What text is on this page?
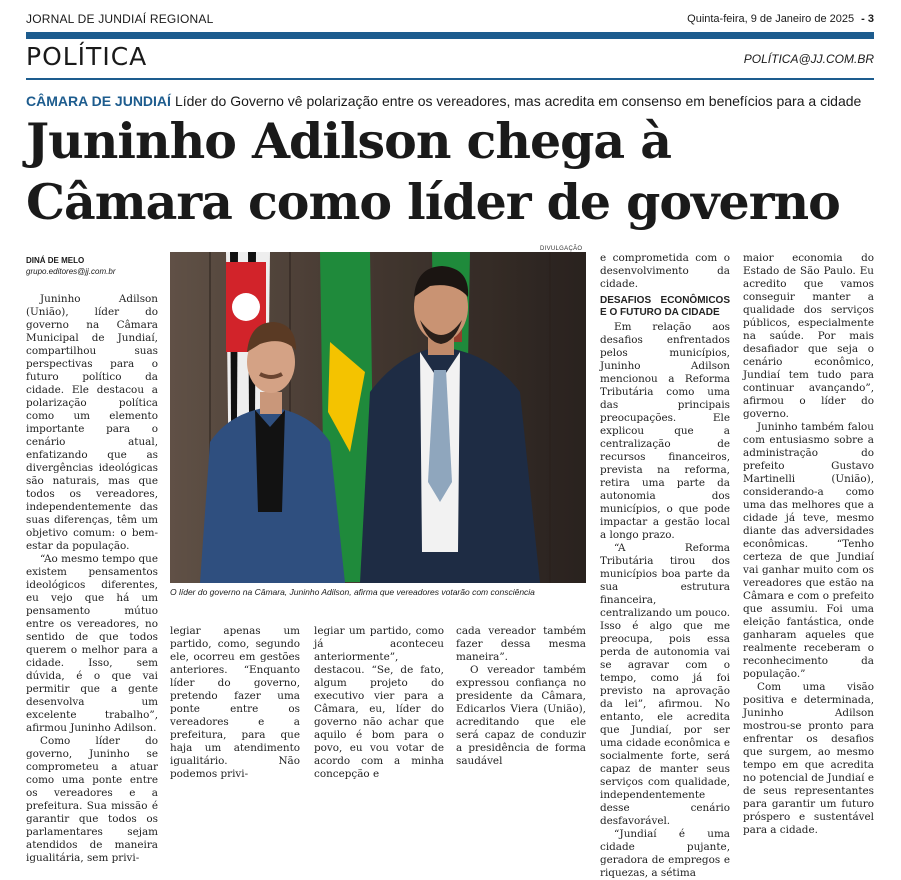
JORNAL DE JUNDIAÍ REGIONAL	Quinta-feira, 9 de Janeiro de 2025 - 3
POLÍTICA	POLÍTICA@JJ.COM.BR
CÂMARA DE JUNDIAÍ Líder do Governo vê polarização entre os vereadores, mas acredita em consenso em benefícios para a cidade
Juninho Adilson chega à
Câmara como líder de governo
DINÁ DE MELO
grupo.editores@jj.com.br
DIVULGAÇÃO
O líder do governo na Câmara, Juninho Adilson, afirma que vereadores votarão com consciência

Juninho Adilson (União), líder do governo na Câmara Municipal de Jundiaí, compartilhou suas perspectivas para o futuro político da cidade. Ele destacou a polarização política como um elemento importante para o cenário atual, enfatizando que as divergências ideológicas são naturais, mas que todos os vereadores, independentemente das suas diferenças, têm um objetivo comum: o bem-estar da população.

“Ao mesmo tempo que existem pensamentos ideológicos diferentes, eu vejo que há um pensamento mútuo entre os vereadores, no sentido de que todos querem o melhor para a cidade. Isso, sem dúvida, é o que vai permitir que a gente desenvolva um excelente trabalho”, afirmou Juninho Adilson.

Como líder do governo, Juninho se comprometeu a atuar como uma ponte entre os vereadores e a prefeitura. Sua missão é garantir que todos os parlamentares sejam atendidos de maneira igualitária, sem privi-

legiar apenas um partido, como, segundo ele, ocorreu em gestões anteriores. “Enquanto líder do governo, pretendo fazer uma ponte entre os vereadores e a prefeitura, para que haja um atendimento igualitário. Não podemos privi-

legiar um partido, como já aconteceu anteriormente”, destacou. “Se, de fato, algum projeto do executivo vier para a Câmara, eu, líder do governo não achar que aquilo é bom para o povo, eu vou votar de acordo com a minha concepção e

cada vereador também fazer dessa mesma maneira”.

O vereador também expressou confiança no presidente da Câmara, Edicarlos Viera (União), acreditando que ele será capaz de conduzir a presidência de forma saudável

e comprometida com o desenvolvimento da cidade.

DESAFIOS ECONÔMICOS E O FUTURO DA CIDADE

Em relação aos desafios enfrentados pelos municípios, Juninho Adilson mencionou a Reforma Tributária como uma das principais preocupações. Ele explicou que a centralização de recursos financeiros, prevista na reforma, retira uma parte da autonomia dos municípios, o que pode impactar a gestão local a longo prazo.

“A Reforma Tributária tirou dos municípios boa parte da sua estrutura financeira, centralizando um pouco. Isso é algo que me preocupa, pois essa perda de autonomia vai se agravar com o tempo, como já foi previsto na aprovação da lei”, afirmou. No entanto, ele acredita que Jundiaí, por ser uma cidade econômica e socialmente forte, será capaz de manter seus serviços com qualidade, independentemente desse cenário desfavorável.

“Jundiaí é uma cidade pujante, geradora de empregos e riquezas, a sétima

maior economia do Estado de São Paulo. Eu acredito que vamos conseguir manter a qualidade dos serviços públicos, especialmente na saúde. Por mais desafiador que seja o cenário econômico, Jundiaí tem tudo para continuar avançando”, afirmou o líder do governo.

Juninho também falou com entusiasmo sobre a administração do prefeito Gustavo Martinelli (União), considerando-a como uma das melhores que a cidade já teve, mesmo diante das adversidades econômicas. “Tenho certeza de que Jundiaí vai ganhar muito com os vereadores que estão na Câmara e com o prefeito que assumiu. Foi uma eleição fantástica, onde ganharam aqueles que realmente receberam o reconhecimento da população.”

Com uma visão positiva e determinada, Juninho Adilson mostrou-se pronto para enfrentar os desafios que surgem, ao mesmo tempo em que acredita no potencial de Jundiaí e de seus representantes para garantir um futuro próspero e sustentável para a cidade.
